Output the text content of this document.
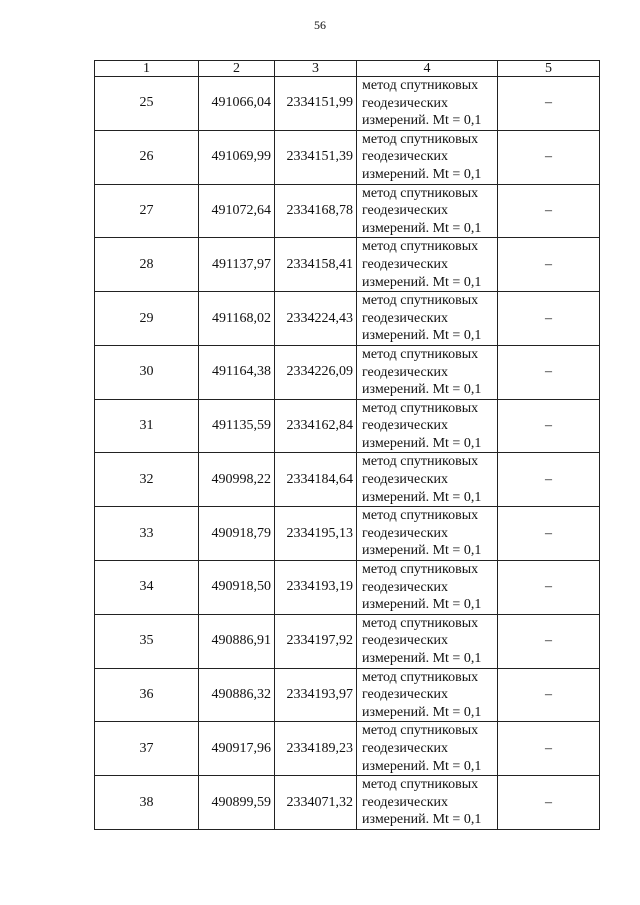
56
1	2	3	4	5
25	491066,04	2334151,99	метод спутниковых
геодезических
измерений. Mt = 0,1	–
26	491069,99	2334151,39	метод спутниковых
геодезических
измерений. Mt = 0,1	–
27	491072,64	2334168,78	метод спутниковых
геодезических
измерений. Mt = 0,1	–
28	491137,97	2334158,41	метод спутниковых
геодезических
измерений. Mt = 0,1	–
29	491168,02	2334224,43	метод спутниковых
геодезических
измерений. Mt = 0,1	–
30	491164,38	2334226,09	метод спутниковых
геодезических
измерений. Mt = 0,1	–
31	491135,59	2334162,84	метод спутниковых
геодезических
измерений. Mt = 0,1	–
32	490998,22	2334184,64	метод спутниковых
геодезических
измерений. Mt = 0,1	–
33	490918,79	2334195,13	метод спутниковых
геодезических
измерений. Mt = 0,1	–
34	490918,50	2334193,19	метод спутниковых
геодезических
измерений. Mt = 0,1	–
35	490886,91	2334197,92	метод спутниковых
геодезических
измерений. Mt = 0,1	–
36	490886,32	2334193,97	метод спутниковых
геодезических
измерений. Mt = 0,1	–
37	490917,96	2334189,23	метод спутниковых
геодезических
измерений. Mt = 0,1	–
38	490899,59	2334071,32	метод спутниковых
геодезических
измерений. Mt = 0,1	–
